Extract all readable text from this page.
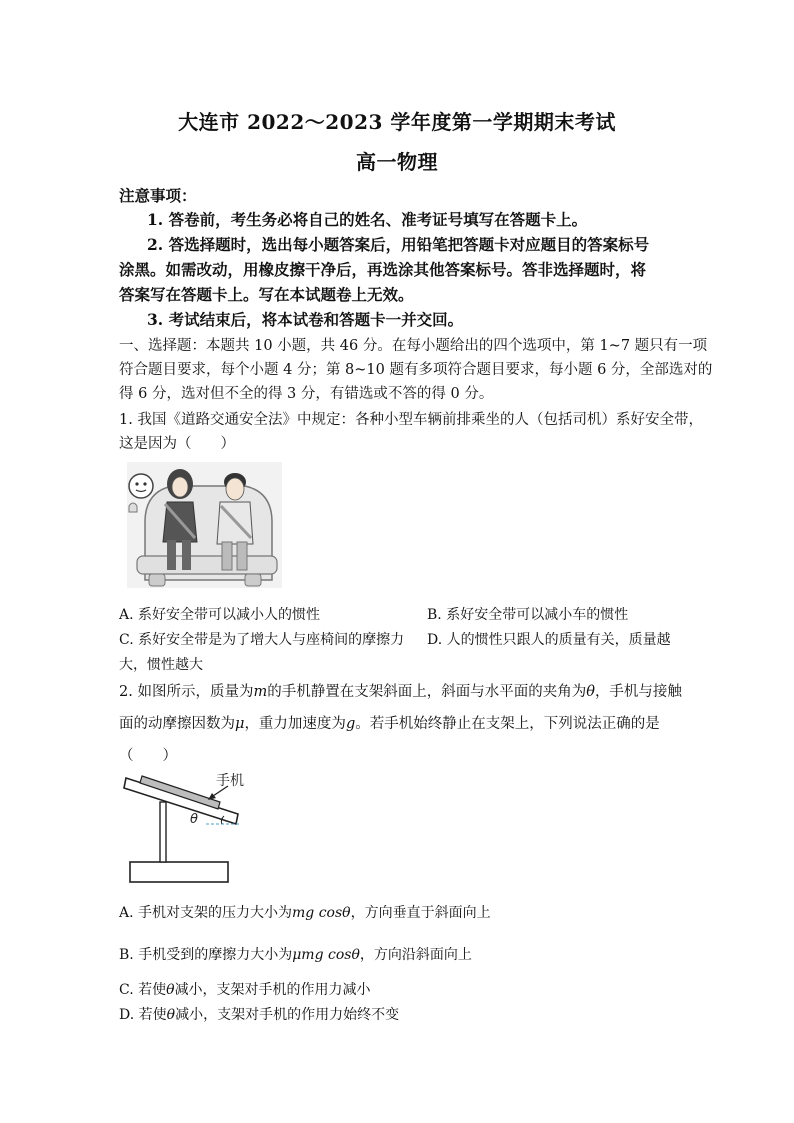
大连市 2022～2023 学年度第一学期期末考试
高一物理
注意事项：
1. 答卷前，考生务必将自己的姓名、准考证号填写在答题卡上。
2. 答选择题时，选出每小题答案后，用铅笔把答题卡对应题目的答案标号
涂黑。如需改动，用橡皮擦干净后，再选涂其他答案标号。答非选择题时，将
答案写在答题卡上。写在本试题卷上无效。
3. 考试结束后，将本试卷和答题卡一并交回。
一、选择题：本题共 10 小题，共 46 分。在每小题给出的四个选项中，第 1~7 题只有一项
符合题目要求，每个小题 4 分；第 8~10 题有多项符合题目要求，每小题 6 分，全部选对的
得 6 分，选对但不全的得 3 分，有错选或不答的得 0 分。
1. 我国《道路交通安全法》中规定：各种小型车辆前排乘坐的人（包括司机）系好安全带，
这是因为（　　）
A. 系好安全带可以减小人的惯性	B. 系好安全带可以减小车的惯性
C. 系好安全带是为了增大人与座椅间的摩擦力 D. 人的惯性只跟人的质量有关，质量越
大，惯性越大
2. 如图所示，质量为m的手机静置在支架斜面上，斜面与水平面的夹角为θ，手机与接触
面的动摩擦因数为μ，重力加速度为g。若手机始终静止在支架上，下列说法正确的是
（　　）
手机
θ
A. 手机对支架的压力大小为mg cosθ，方向垂直于斜面向上
B. 手机受到的摩擦力大小为μmg cosθ，方向沿斜面向上
C. 若使θ减小，支架对手机的作用力减小
D. 若使θ减小，支架对手机的作用力始终不变
